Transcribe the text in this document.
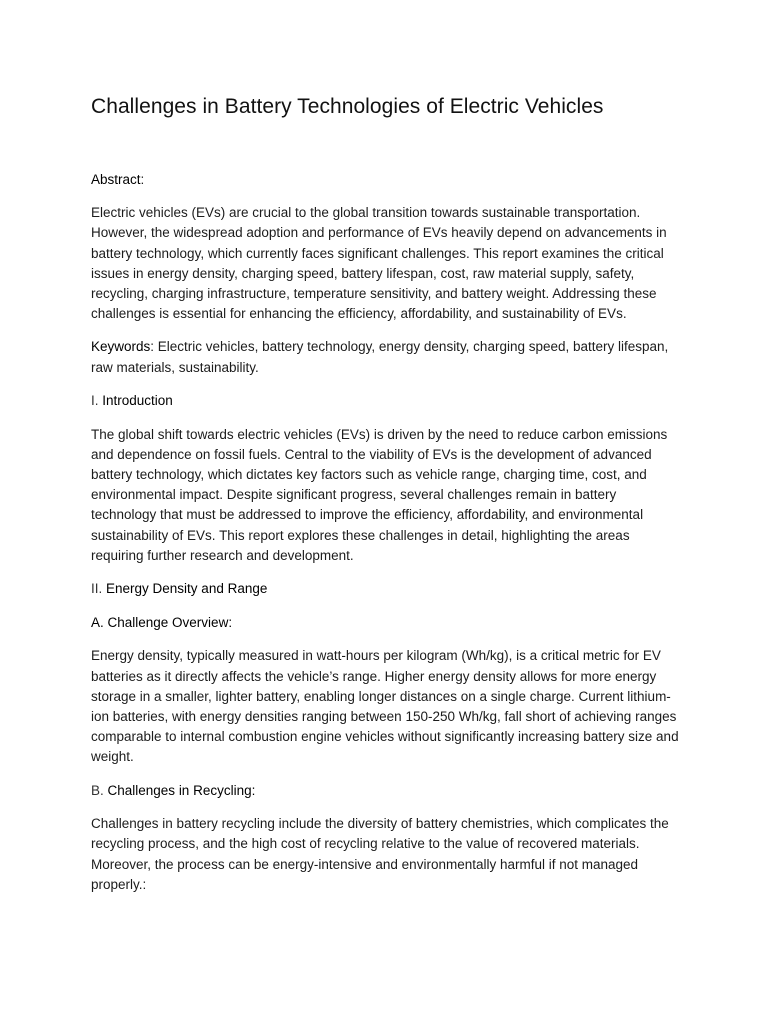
Challenges in Battery Technologies of Electric Vehicles

Abstract:

Electric vehicles (EVs) are crucial to the global transition towards sustainable transportation. However, the widespread adoption and performance of EVs heavily depend on advancements in battery technology, which currently faces significant challenges. This report examines the critical issues in energy density, charging speed, battery lifespan, cost, raw material supply, safety, recycling, charging infrastructure, temperature sensitivity, and battery weight. Addressing these challenges is essential for enhancing the efficiency, affordability, and sustainability of EVs.

Keywords: Electric vehicles, battery technology, energy density, charging speed, battery lifespan, raw materials, sustainability.

I. Introduction

The global shift towards electric vehicles (EVs) is driven by the need to reduce carbon emissions and dependence on fossil fuels. Central to the viability of EVs is the development of advanced battery technology, which dictates key factors such as vehicle range, charging time, cost, and environmental impact. Despite significant progress, several challenges remain in battery technology that must be addressed to improve the efficiency, affordability, and environmental sustainability of EVs. This report explores these challenges in detail, highlighting the areas requiring further research and development.

II. Energy Density and Range

A. Challenge Overview:

Energy density, typically measured in watt-hours per kilogram (Wh/kg), is a critical metric for EV batteries as it directly affects the vehicle’s range. Higher energy density allows for more energy storage in a smaller, lighter battery, enabling longer distances on a single charge. Current lithium-ion batteries, with energy densities ranging between 150-250 Wh/kg, fall short of achieving ranges comparable to internal combustion engine vehicles without significantly increasing battery size and weight.

B. Challenges in Recycling:

Challenges in battery recycling include the diversity of battery chemistries, which complicates the recycling process, and the high cost of recycling relative to the value of recovered materials. Moreover, the process can be energy-intensive and environmentally harmful if not managed properly.:
